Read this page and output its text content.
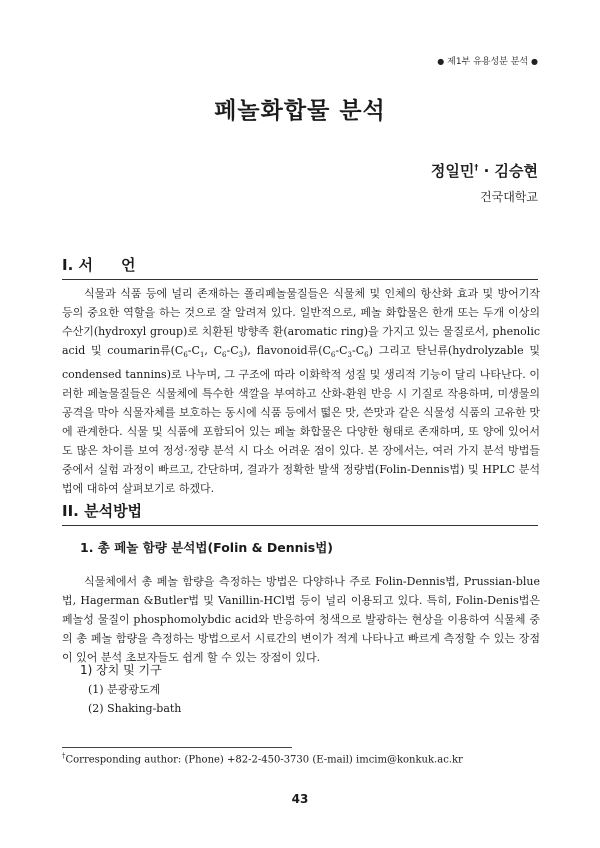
● 제1부 유용성분 분석 ●
페놀화합물 분석
정일민† · 김승현
건국대학교
I. 서 언

식물과 식품 등에 널리 존재하는 폴리페놀물질들은 식물체 및 인체의 항산화 효과 및 방어기작 등의 중요한 역할을 하는 것으로 잘 알려져 있다. 일반적으로, 페놀 화합물은 한개 또는 두개 이상의 수산기(hydroxyl group)로 치환된 방향족 환(aromatic ring)을 가지고 있는 물질로서, phenolic acid 및 coumarin류($C_6-C_1$, $C_6-C_3$), flavonoid류$(C_6-C_3-C_6)$ 그리고 탄닌류(hydrolyzable 및 condensed tannins)로 나누며, 그 구조에 따라 이화학적 성질 및 생리적 기능이 달리 나타난다. 이러한 페놀물질들은 식물체에 특수한 색깔을 부여하고 산화-환원 반응 시 기질로 작용하며, 미생물의 공격을 막아 식물자체를 보호하는 동시에 식품 등에서 떫은 맛, 쓴맛과 같은 식물성 식품의 고유한 맛에 관계한다. 식물 및 식품에 포함되어 있는 페놀 화합물은 다양한 형태로 존재하며, 또 양에 있어서도 많은 차이를 보여 정성·정량 분석 시 다소 어려운 점이 있다. 본 장에서는, 여러 가지 분석 방법들 중에서 실험 과정이 빠르고, 간단하며, 결과가 정확한 발색 정량법(Folin-Dennis법) 및 HPLC 분석법에 대하여 살펴보기로 하겠다.

II. 분석방법
1. 총 페놀 함량 분석법(Folin & Dennis법)

식물체에서 총 페놀 함량을 측정하는 방법은 다양하나 주로 Folin-Dennis법, Prussian-blue법, Hagerman &Butler법 및 Vanillin-HCl법 등이 널리 이용되고 있다. 특히, Folin-Denis법은 페놀성 물질이 phosphomolybdic acid와 반응하여 청색으로 발광하는 현상을 이용하여 식물체 중의 총 페놀 함량을 측정하는 방법으로서 시료간의 변이가 적게 나타나고 빠르게 측정할 수 있는 장점이 있어 분석 초보자들도 쉽게 할 수 있는 장점이 있다.

1) 장치 및 기구
(1) 분광광도계
(2) Shaking-bath
†Corresponding author: (Phone) +82-2-450-3730 (E-mail) imcim@konkuk.ac.kr
43
